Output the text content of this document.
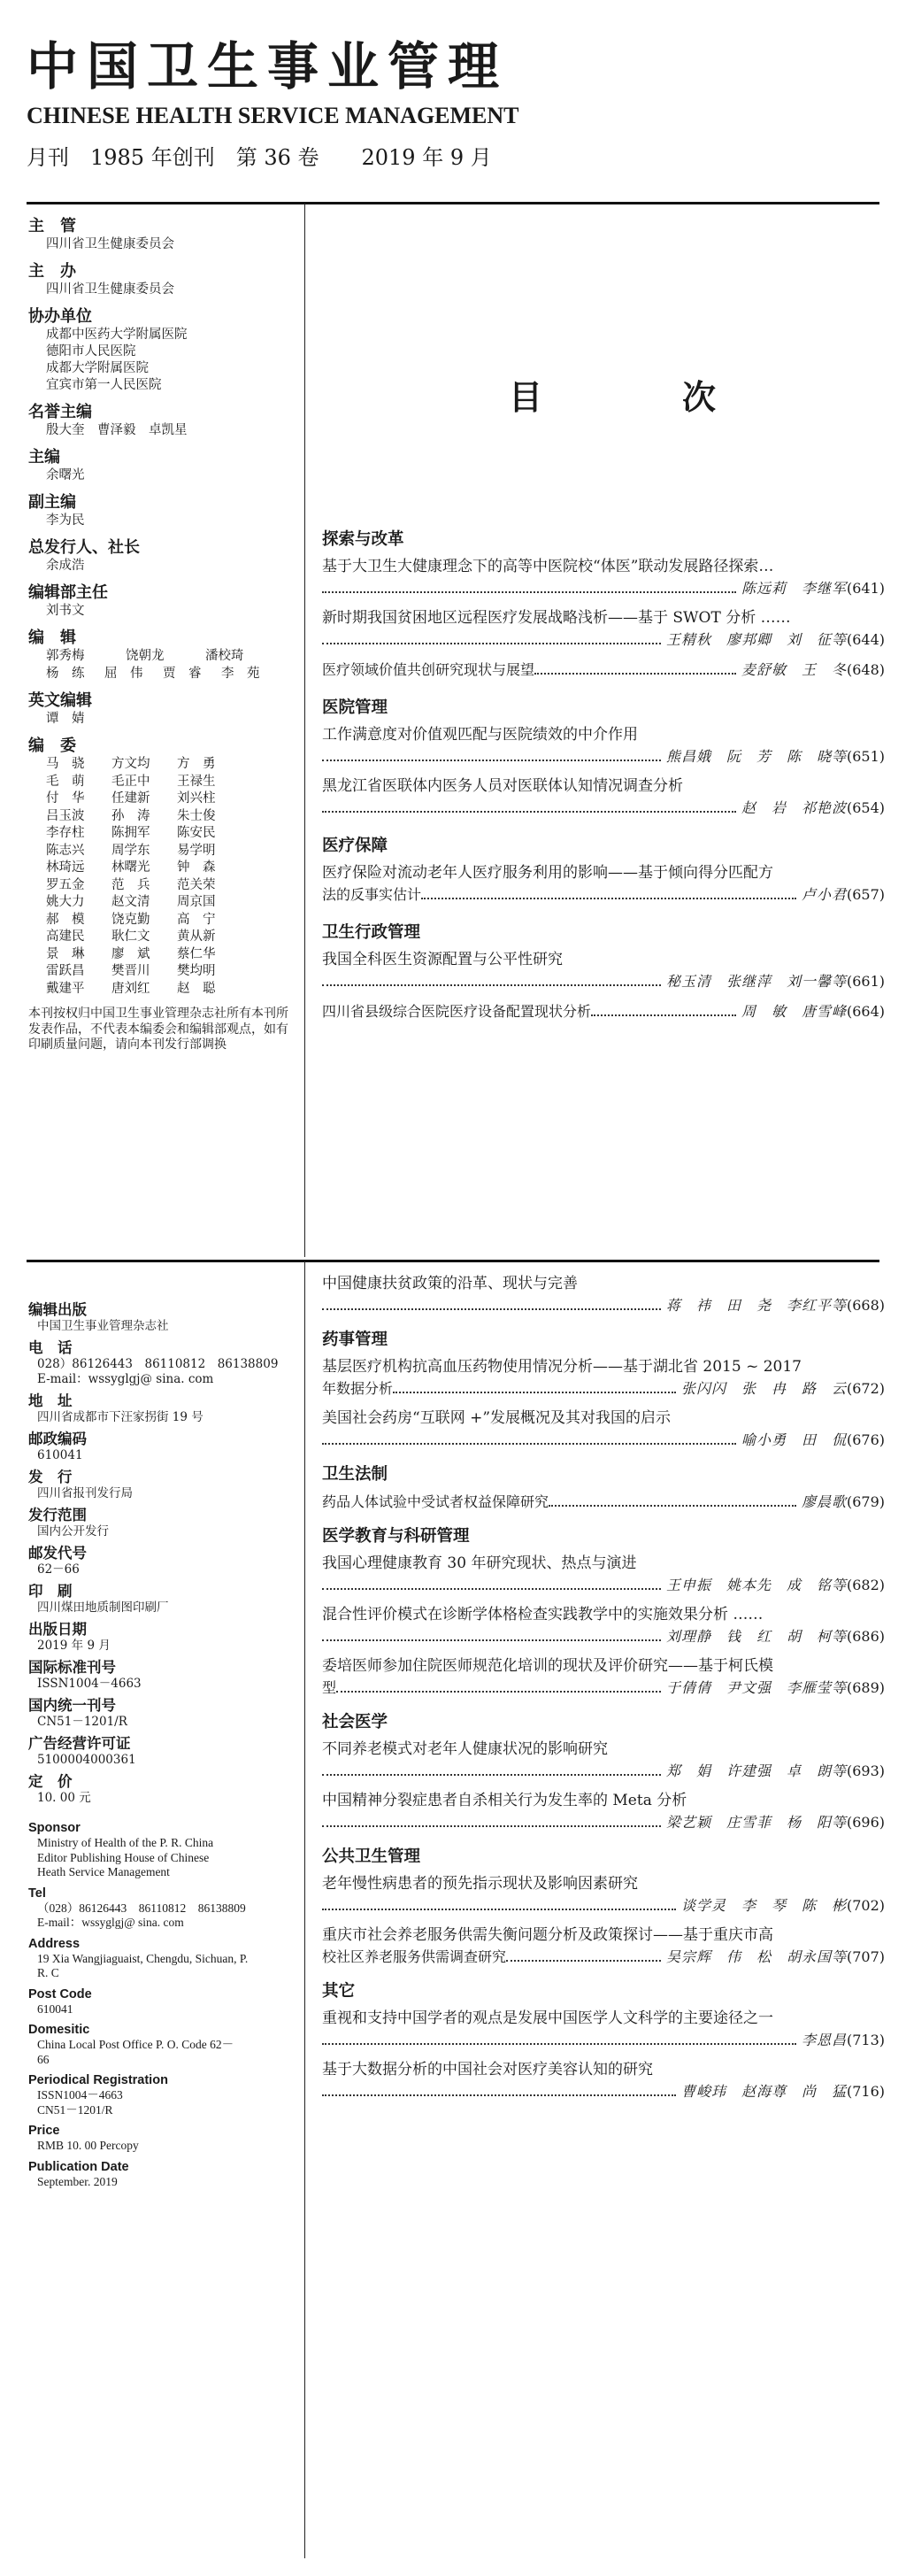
中国卫生事业管理
CHINESE HEALTH SERVICE MANAGEMENT
月刊　1985 年创刊　第 36 卷　　2019 年 9 月
主　管
四川省卫生健康委员会
主　办
四川省卫生健康委员会
协办单位
成都中医药大学附属医院
德阳市人民医院
成都大学附属医院
宜宾市第一人民医院
名誉主编
殷大奎　曹泽毅　卓凯星
主编
余曙光
副主编
李为民
总发行人、社长
余成浩
编辑部主任
刘书文
编　辑
郭秀梅	饶朝龙	潘校琦
杨　练	屈　伟	贾　睿	李　苑
英文编辑
谭　婧
编　委
马　骁	方文均	方　勇
毛　萌	毛正中	王禄生
付　华	任建新	刘兴柱
吕玉波	孙　涛	朱士俊
李存柱	陈拥军	陈安民
陈志兴	周学东	易学明
林琦远	林曙光	钟　森
罗五金	范　兵	范关荣
姚大力	赵文清	周京国
郝　模	饶克勤	高　宁
高建民	耿仁文	黄从新
景　琳	廖　斌	蔡仁华
雷跃昌	樊晋川	樊均明
戴建平	唐刘红	赵　聪
本刊按权归中国卫生事业管理杂志社所有本刊所发表作品，不代表本编委会和编辑部观点，如有印刷质量问题，请向本刊发行部调换
编辑出版
中国卫生事业管理杂志社
电　话
028）86126443　86110812　86138809
E-mail：wssyglgj@ sina. com
地　址
四川省成都市下汪家拐街 19 号
邮政编码
610041
发　行
四川省报刊发行局
发行范围
国内公开发行
邮发代号
62－66
印　刷
四川煤田地质制图印刷厂
出版日期
2019 年 9 月
国际标准刊号
ISSN1004－4663
国内统一刊号
CN51－1201/R
广告经营许可证
5100004000361
定　价
10. 00 元
Sponsor
Ministry of Health of the P. R. China
Editor Publishing House of Chinese
Heath Service Management
Tel
（028）86126443　86110812　86138809
E-mail：wssyglgj@ sina. com
Address
19 Xia Wangjiaguaist, Chengdu, Sichuan, P.
R. C
Post Code
610041
Domesitic
China Local Post Office P. O. Code 62－
66
Periodical Registration
ISSN1004－4663
CN51－1201/R
Price
RMB 10. 00 Percopy
Publication Date
September. 2019
目　次
探索与改革
基于大卫生大健康理念下的高等中医院校“体医”联动发展路径探索…
陈远莉　李继军 (641)
新时期我国贫困地区远程医疗发展战略浅析——基于 SWOT 分析 ……
王精秋　廖邦卿　刘　征等 (644)
医疗领域价值共创研究现状与展望	麦舒敏　王　冬 (648)
医院管理
工作满意度对价值观匹配与医院绩效的中介作用
熊昌娥　阮　芳　陈　晓等 (651)
黑龙江省医联体内医务人员对医联体认知情况调查分析
赵　岩　祁艳波 (654)
医疗保障
医疗保险对流动老年人医疗服务利用的影响——基于倾向得分匹配方
法的反事实估计	卢小君 (657)
卫生行政管理
我国全科医生资源配置与公平性研究
秘玉清　张继萍　刘一馨等 (661)
四川省县级综合医院医疗设备配置现状分析	周　敏　唐雪峰 (664)
中国健康扶贫政策的沿革、现状与完善
蒋　祎　田　尧　李红平等 (668)
药事管理
基层医疗机构抗高血压药物使用情况分析——基于湖北省 2015 ~ 2017
年数据分析	张闪闪　张　冉　路　云 (672)
美国社会药房“互联网 +”发展概况及其对我国的启示
喻小勇　田　侃 (676)
卫生法制
药品人体试验中受试者权益保障研究	廖晨歌 (679)
医学教育与科研管理
我国心理健康教育 30 年研究现状、热点与演进
王申振　姚本先　成　铭等 (682)
混合性评价模式在诊断学体格检查实践教学中的实施效果分析 ……
刘理静　钱　红　胡　柯等 (686)
委培医师参加住院医师规范化培训的现状及评价研究——基于柯氏模
型	于倩倩　尹文强　李雁莹等 (689)
社会医学
不同养老模式对老年人健康状况的影响研究
郑　娟　许建强　卓　朗等 (693)
中国精神分裂症患者自杀相关行为发生率的 Meta 分析
梁艺颖　庄雪菲　杨　阳等 (696)
公共卫生管理
老年慢性病患者的预先指示现状及影响因素研究
谈学灵　李　琴　陈　彬 (702)
重庆市社会养老服务供需失衡问题分析及政策探讨——基于重庆市高
校社区养老服务供需调查研究	吴宗辉　伟　松　胡永国等 (707)
其它
重视和支持中国学者的观点是发展中国医学人文科学的主要途径之一
李恩昌 (713)
基于大数据分析的中国社会对医疗美容认知的研究
曹峻玮　赵海尊　尚　猛 (716)
